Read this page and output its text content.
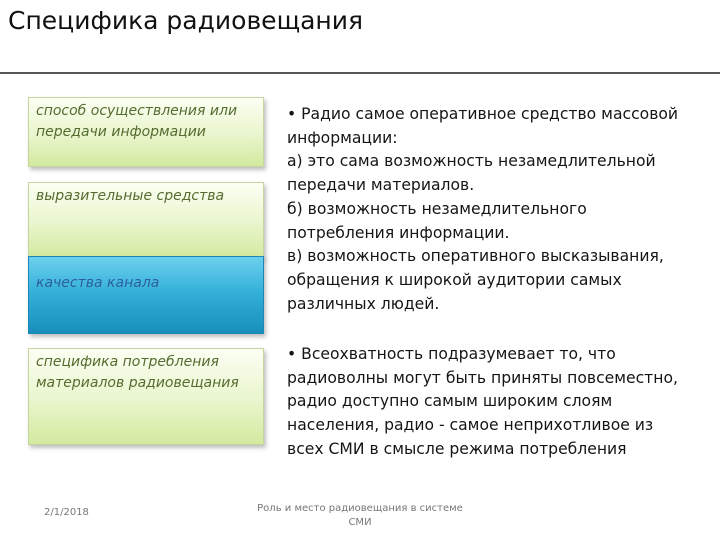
Специфика радиовещания
способ осуществления или передачи информации
выразительные средства
качества канала
специфика потребления материалов радиовещания
• Радио самое оперативное средство массовой
информации:
а) это сама возможность незамедлительной
передачи материалов.
б) возможность незамедлительного
потребления информации.
в) возможность оперативного высказывания,
обращения к широкой аудитории самых
различных людей.
• Всеохватность подразумевает то, что
радиоволны могут быть приняты повсеместно,
радио доступно самым широким слоям
населения, радио - самое неприхотливое из
всех СМИ в смысле режима потребления
2/1/2018	Роль и место радиовещания в системе
СМИ
